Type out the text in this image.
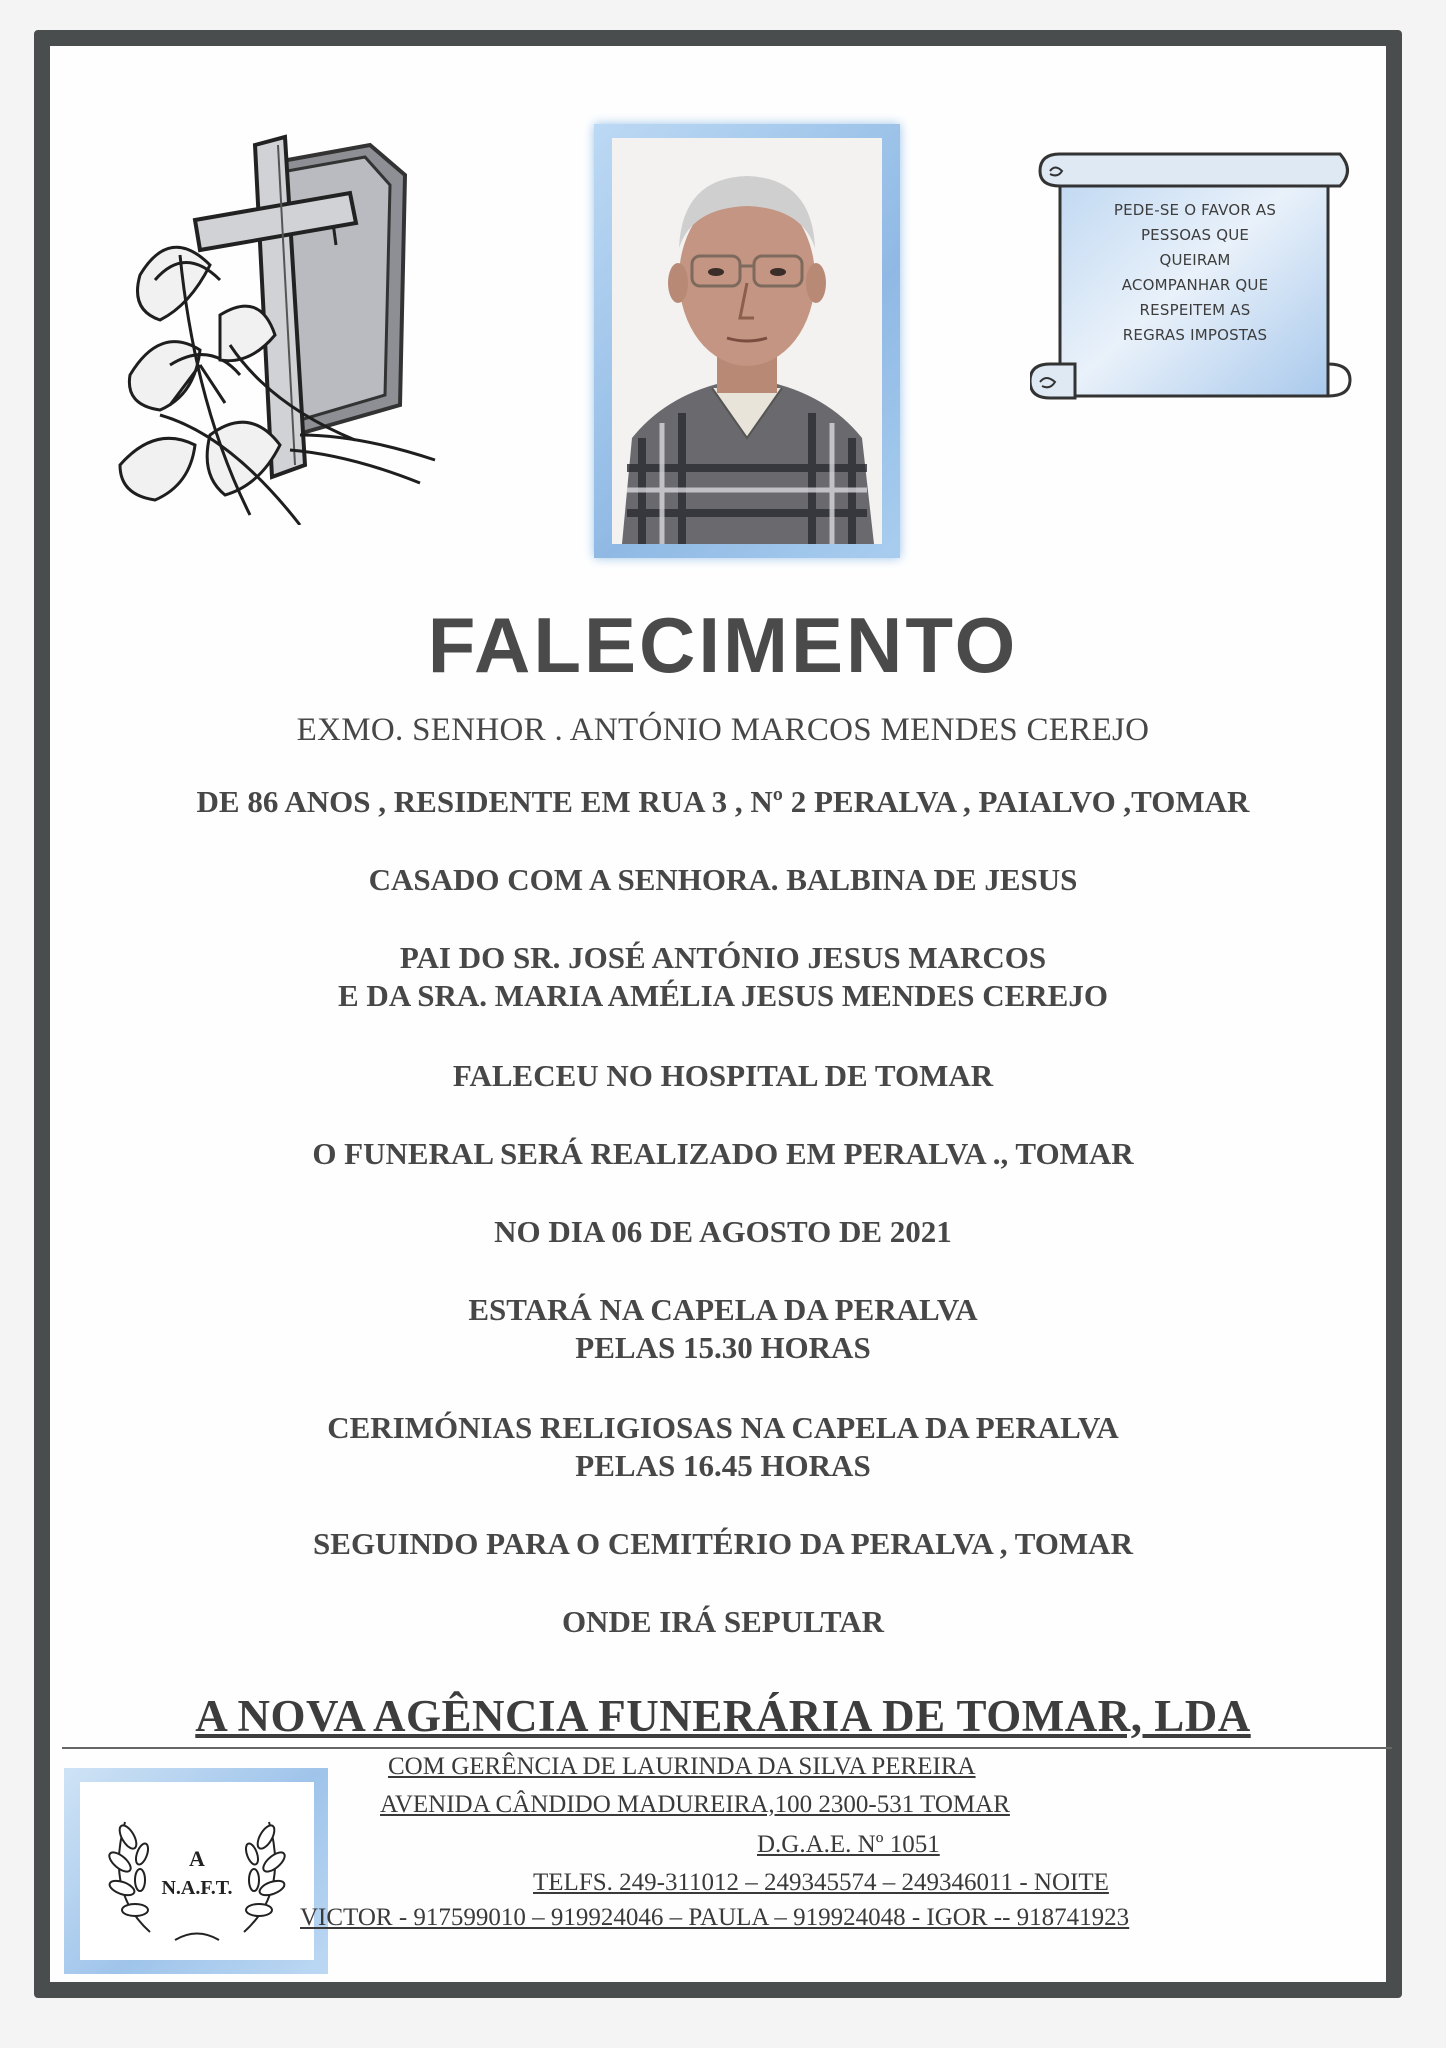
PEDE-SE O FAVOR AS
PESSOAS QUE
QUEIRAM
ACOMPANHAR QUE
RESPEITEM AS
REGRAS IMPOSTAS
FALECIMENTO
EXMO. SENHOR . ANTÓNIO MARCOS MENDES CEREJO
DE 86 ANOS , RESIDENTE EM RUA 3 , Nº 2 PERALVA , PAIALVO ,TOMAR
CASADO COM A SENHORA. BALBINA DE JESUS
PAI DO SR. JOSÉ ANTÓNIO JESUS MARCOS
E DA SRA. MARIA AMÉLIA JESUS MENDES CEREJO
FALECEU NO HOSPITAL DE TOMAR
O FUNERAL SERÁ REALIZADO EM PERALVA ., TOMAR
NO DIA 06 DE AGOSTO DE 2021
ESTARÁ NA CAPELA DA PERALVA
PELAS 15.30 HORAS
CERIMÓNIAS RELIGIOSAS NA CAPELA DA PERALVA
PELAS 16.45 HORAS
SEGUINDO PARA O CEMITÉRIO DA PERALVA , TOMAR
ONDE IRÁ SEPULTAR
A NOVA AGÊNCIA FUNERÁRIA DE TOMAR, LDA
A
N.A.F.T.
COM GERÊNCIA DE LAURINDA DA SILVA PEREIRA
AVENIDA CÂNDIDO MADUREIRA,100 2300-531 TOMAR
D.G.A.E. Nº 1051
TELFS. 249-311012 – 249345574 – 249346011 - NOITE
VICTOR - 917599010 – 919924046 – PAULA – 919924048 - IGOR -- 918741923
